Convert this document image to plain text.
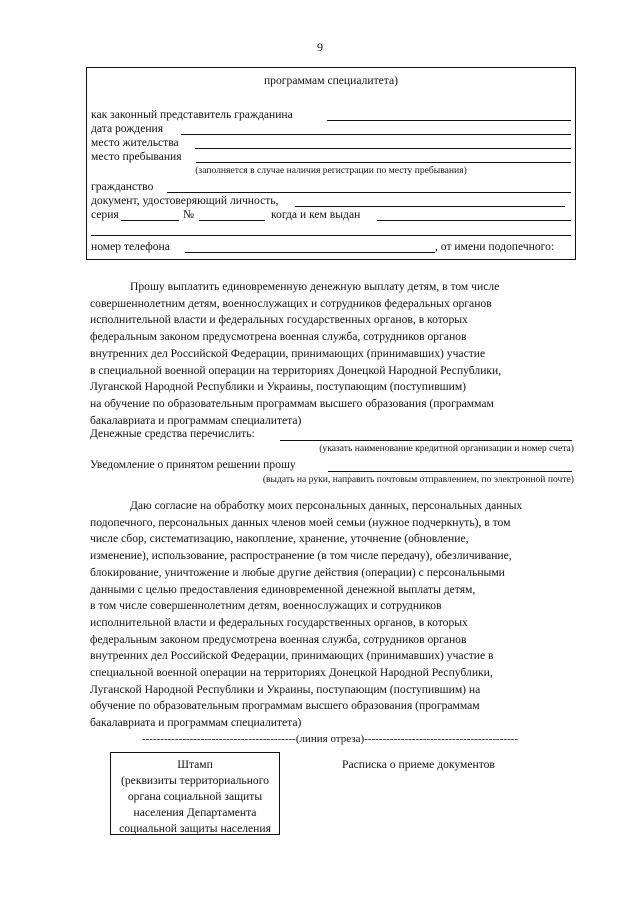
9
программам специалитета)
как законный представитель гражданина
дата рождения
место жительства
место пребывания
(заполняется в случае наличия регистрации по месту пребывания)
гражданство
документ, удостоверяющий личность,
серия	№	когда и кем выдан
номер телефона	, от имени подопечного:

Прошу выплатить единовременную денежную выплату детям, в том числе

совершеннолетним детям, военнослужащих и сотрудников федеральных органов
исполнительной власти и федеральных государственных органов, в которых
федеральным законом предусмотрена военная служба, сотрудников органов
внутренних дел Российской Федерации, принимающих (принимавших) участие
в специальной военной операции на территориях Донецкой Народной Республики,
Луганской Народной Республики и Украины, поступающим (поступившим)
на обучение по образовательным программам высшего образования (программам
бакалавриата и программам специалитета)
Денежные средства перечислить:
(указать наименование кредитной организации и номер счета)
Уведомление о принятом решении прошу
(выдать на руки, направить почтовым отправлением, по электронной почте)

Даю согласие на обработку моих персональных данных, персональных данных

подопечного, персональных данных членов моей семьи (нужное подчеркнуть), в том
числе сбор, систематизацию, накопление, хранение, уточнение (обновление,
изменение), использование, распространение (в том числе передачу), обезличивание,
блокирование, уничтожение и любые другие действия (операции) с персональными
данными с целью предоставления единовременной денежной выплаты детям,
в том числе совершеннолетним детям, военнослужащих и сотрудников
исполнительной власти и федеральных государственных органов, в которых
федеральным законом предусмотрена военная служба, сотрудников органов
внутренних дел Российской Федерации, принимающих (принимавших) участие в
специальной военной операции на территориях Донецкой Народной Республики,
Луганской Народной Республики и Украины, поступающим (поступившим) на
обучение по образовательным программам высшего образования (программам
бакалавриата и программам специалитета)
------------------------------------------(линия отреза)------------------------------------------
Штамп
(реквизиты территориального
органа социальной защиты
населения Департамента
социальной защиты населения
Расписка о приеме документов
